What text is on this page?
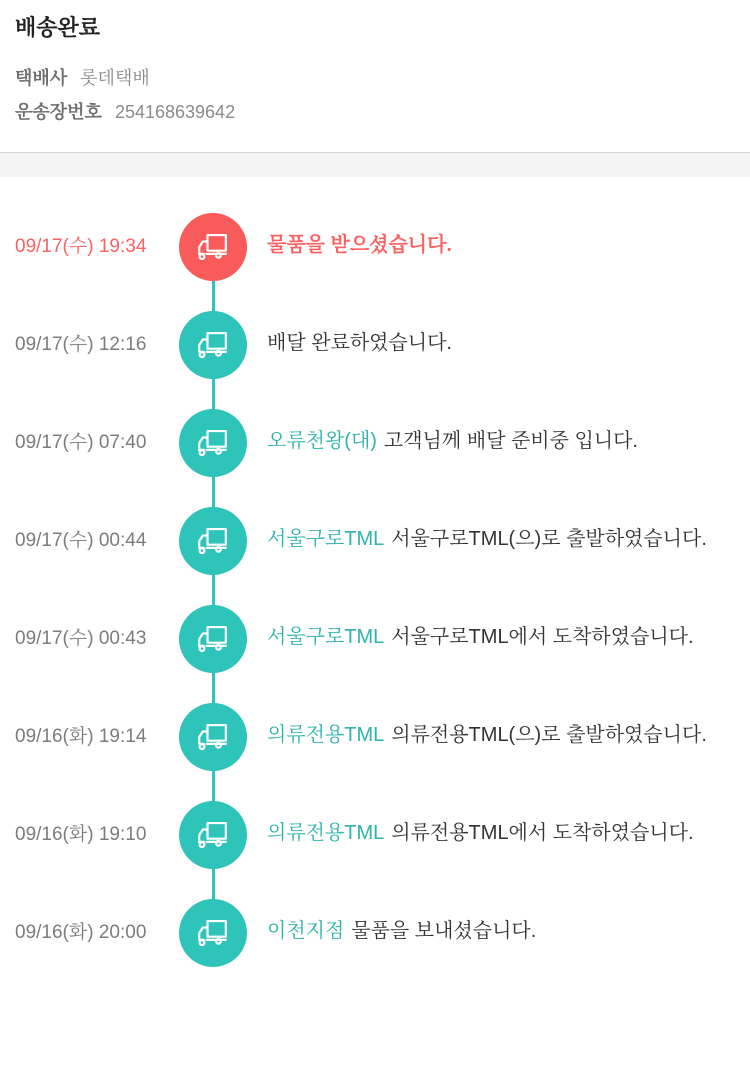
배송완료
택배사 롯데택배
운송장번호 254168639642
09/17(수) 19:34	물품을 받으셨습니다.
09/17(수) 12:16	배달 완료하였습니다.
09/17(수) 07:40	오류천왕(대) 고객님께 배달 준비중 입니다.
09/17(수) 00:44	서울구로TML 서울구로TML(으)로 출발하였습니다.
09/17(수) 00:43	서울구로TML 서울구로TML에서 도착하였습니다.
09/16(화) 19:14	의류전용TML 의류전용TML(으)로 출발하였습니다.
09/16(화) 19:10	의류전용TML 의류전용TML에서 도착하였습니다.
09/16(화) 20:00	이천지점 물품을 보내셨습니다.
